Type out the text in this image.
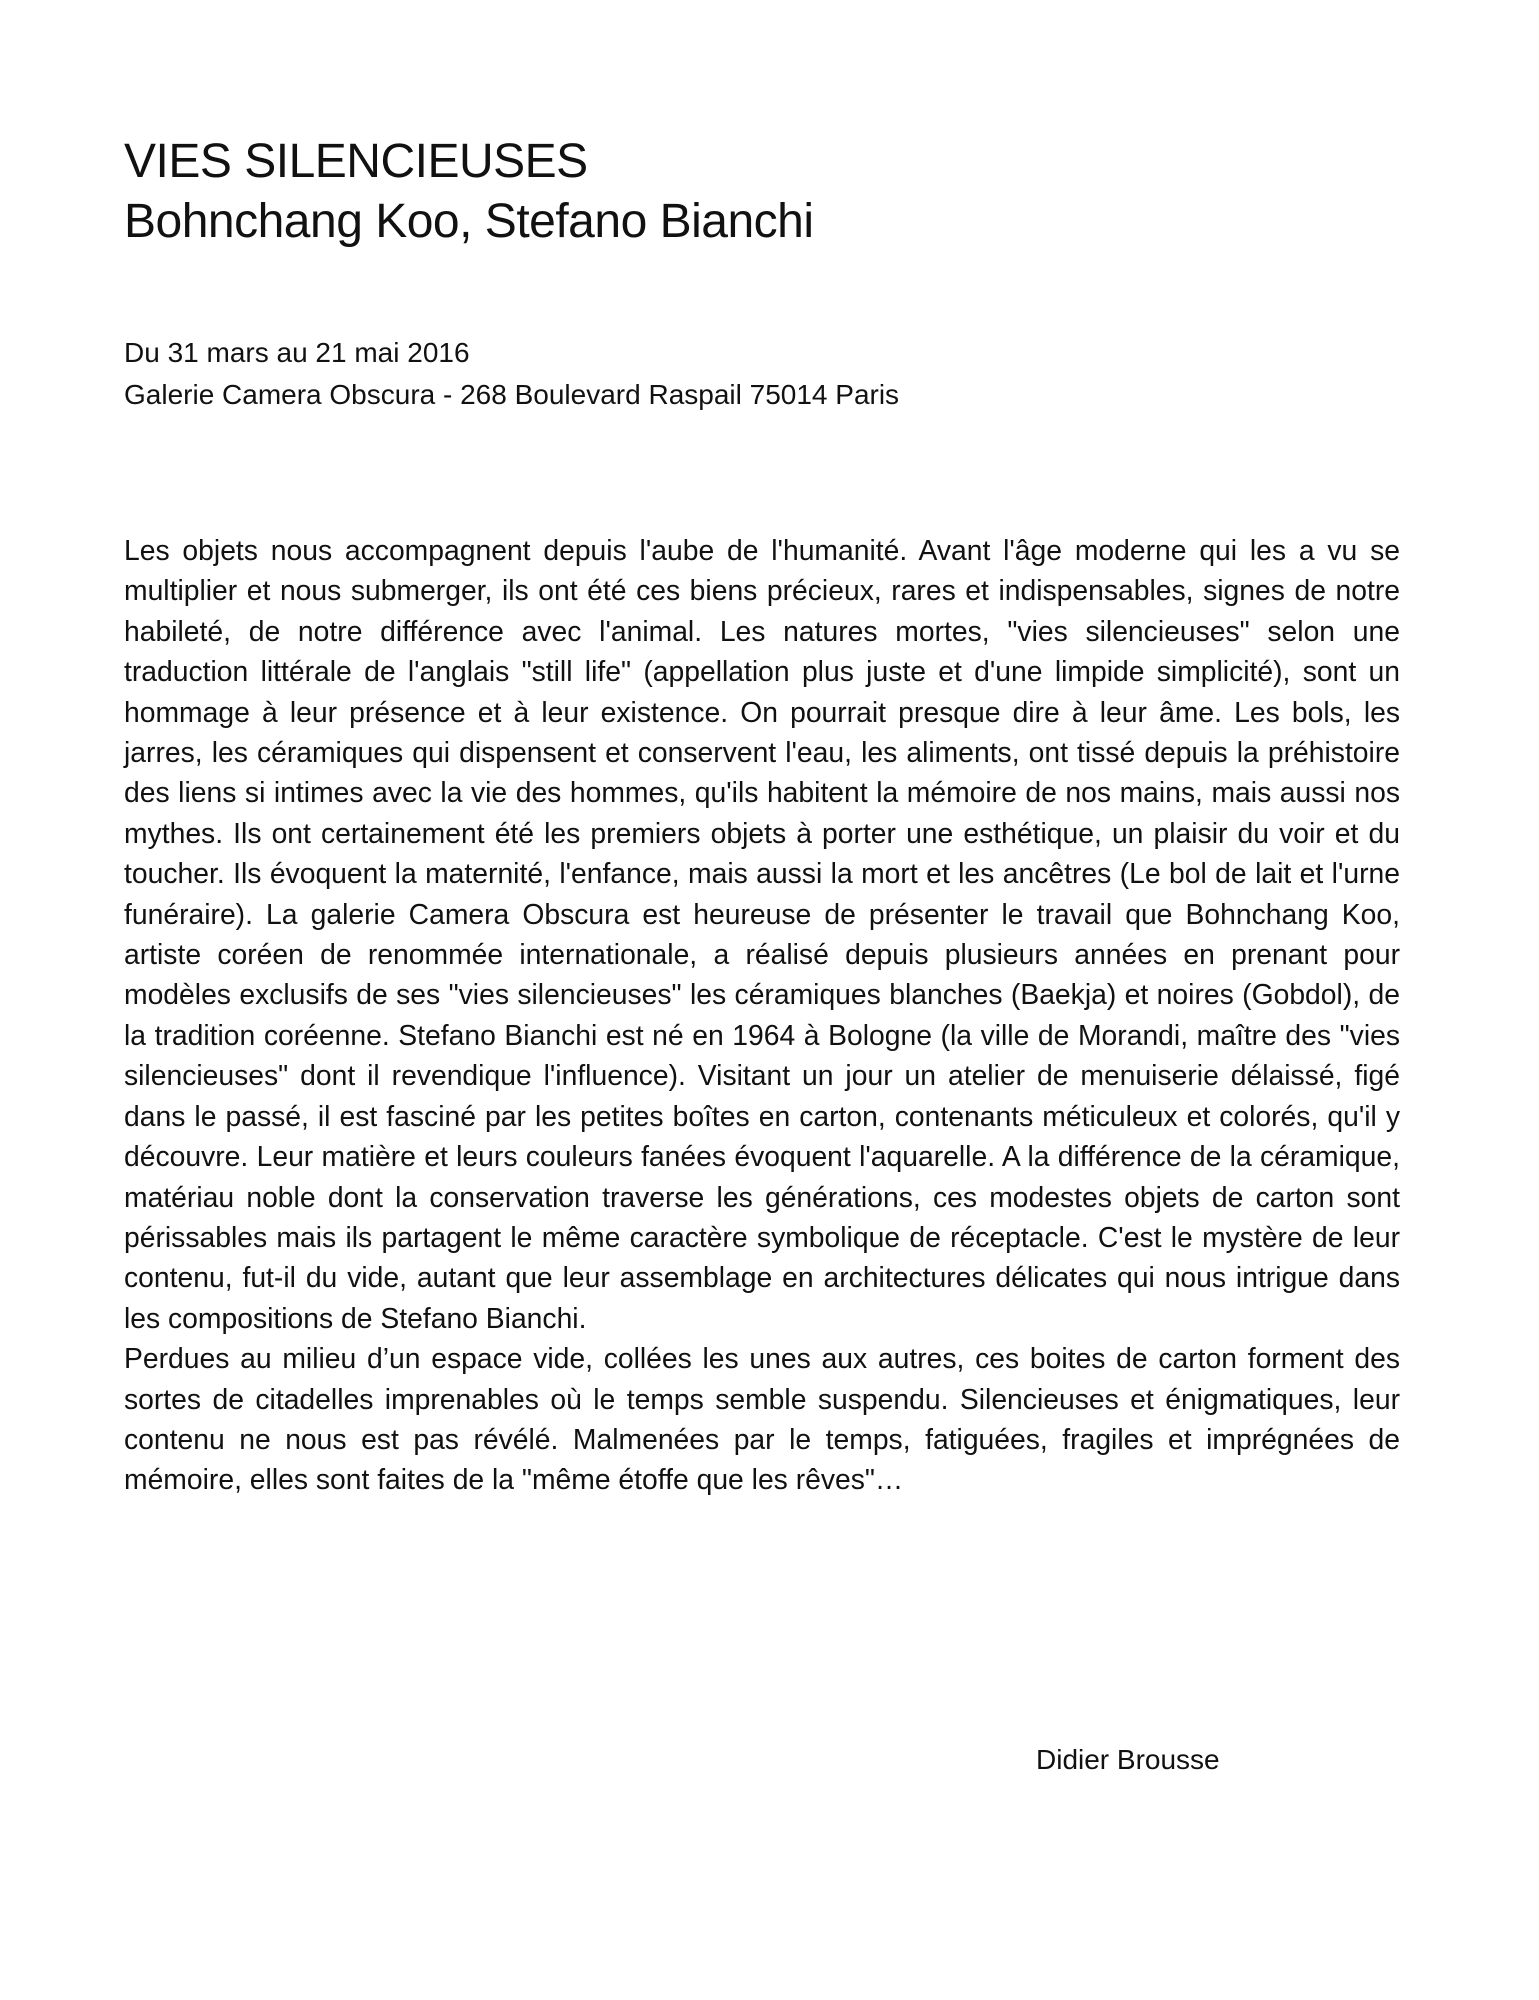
VIES SILENCIEUSES
Bohnchang Koo, Stefano Bianchi
Du 31 mars au 21 mai 2016
Galerie Camera Obscura - 268 Boulevard Raspail 75014 Paris

Les objets nous accompagnent depuis l'aube de l'humanité. Avant l'âge moderne qui les a vu se multiplier et nous submerger, ils ont été ces biens précieux, rares et indispensables, signes de notre habileté, de notre différence avec l'animal. Les natures mortes, "vies silencieuses" selon une traduction littérale de l'anglais "still life" (appellation plus juste et d'une limpide simplicité), sont un hommage à leur présence et à leur existence. On pourrait presque dire à leur âme. Les bols, les jarres, les céramiques qui dispensent et conservent l'eau, les aliments, ont tissé depuis la préhistoire des liens si intimes avec la vie des hommes, qu'ils habitent la mémoire de nos mains, mais aussi nos mythes. Ils ont certainement été les premiers objets à porter une esthétique, un plaisir du voir et du toucher. Ils évoquent la maternité, l'enfance, mais aussi la mort et les ancêtres (Le bol de lait et l'urne funéraire). La galerie Camera Obscura est heureuse de présenter le travail que Bohnchang Koo, artiste coréen de renommée internationale, a réalisé depuis plusieurs années en prenant pour modèles exclusifs de ses "vies silencieuses" les céramiques blanches (Baekja) et noires (Gobdol), de la tradition coréenne. Stefano Bianchi est né en 1964 à Bologne (la ville de Morandi, maître des "vies silencieuses" dont il revendique l'influence). Visitant un jour un atelier de menuiserie délaissé, figé dans le passé, il est fasciné par les petites boîtes en carton, contenants méticuleux et colorés, qu'il y découvre. Leur matière et leurs couleurs fanées évoquent l'aquarelle. A la différence de la céramique, matériau noble dont la conservation traverse les générations, ces modestes objets de carton sont périssables mais ils partagent le même caractère symbolique de réceptacle. C'est le mystère de leur contenu, fut-il du vide, autant que leur assemblage en architectures délicates qui nous intrigue dans les compositions de Stefano Bianchi.

Perdues au milieu d’un espace vide, collées les unes aux autres, ces boites de carton forment des sortes de citadelles imprenables où le temps semble suspendu. Silencieuses et énigmatiques, leur contenu ne nous est pas révélé. Malmenées par le temps, fatiguées, fragiles et imprégnées de mémoire, elles sont faites de la "même étoffe que les rêves"…

Didier Brousse
